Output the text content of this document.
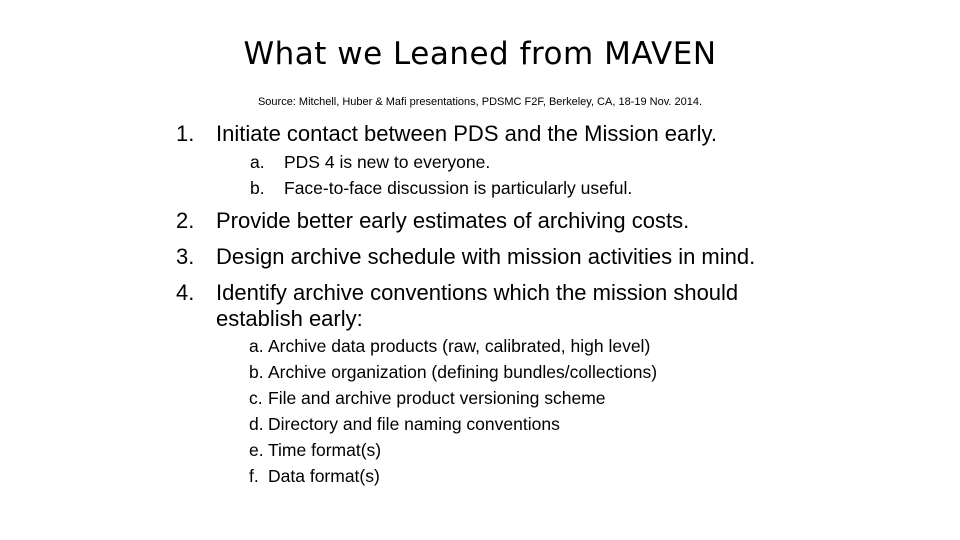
What we Leaned from MAVEN
Source: Mitchell, Huber & Mafi presentations, PDSMC F2F, Berkeley, CA, 18-19 Nov. 2014.
1. Initiate contact between PDS and the Mission early.
a. PDS 4 is new to everyone.
b. Face-to-face discussion is particularly useful.
2. Provide better early estimates of archiving costs.
3. Design archive schedule with mission activities in mind.
4. Identify archive conventions which the mission should
establish early:
a. Archive data products (raw, calibrated, high level)
b. Archive organization (defining bundles/collections)
c. File and archive product versioning scheme
d. Directory and file naming conventions
e. Time format(s)
f. Data format(s)
